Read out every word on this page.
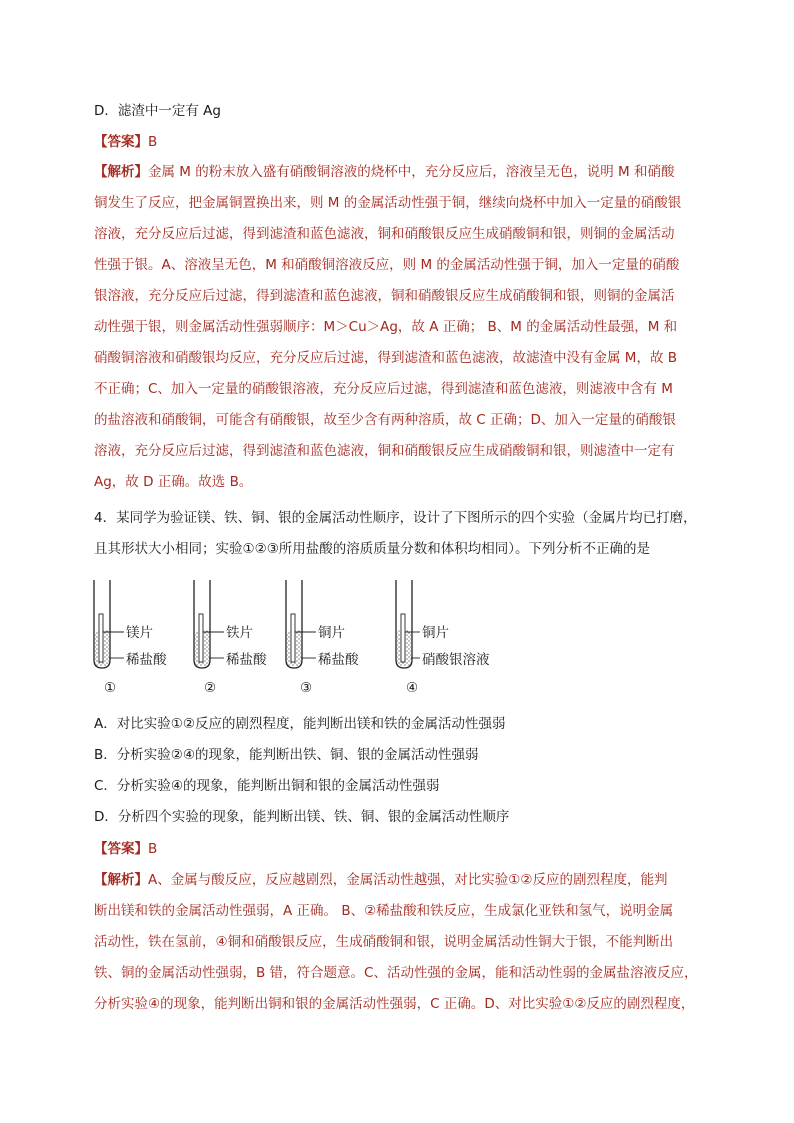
D．滤渣中一定有 Ag
【答案】B
【解析】金属 M 的粉末放入盛有硝酸铜溶液的烧杯中，充分反应后，溶液呈无色，说明 M 和硝酸
铜发生了反应，把金属铜置换出来，则 M 的金属活动性强于铜，继续向烧杯中加入一定量的硝酸银
溶液，充分反应后过滤，得到滤渣和蓝色滤液，铜和硝酸银反应生成硝酸铜和银，则铜的金属活动
性强于银。A、溶液呈无色，M 和硝酸铜溶液反应，则 M 的金属活动性强于铜，加入一定量的硝酸
银溶液，充分反应后过滤，得到滤渣和蓝色滤液，铜和硝酸银反应生成硝酸铜和银，则铜的金属活
动性强于银，则金属活动性强弱顺序：M＞Cu＞Ag，故 A 正确； B、M 的金属活动性最强，M 和
硝酸铜溶液和硝酸银均反应，充分反应后过滤，得到滤渣和蓝色滤液，故滤渣中没有金属 M，故 B
不正确；C、加入一定量的硝酸银溶液，充分反应后过滤，得到滤渣和蓝色滤液，则滤液中含有 M
的盐溶液和硝酸铜，可能含有硝酸银，故至少含有两种溶质，故 C 正确；D、加入一定量的硝酸银
溶液，充分反应后过滤，得到滤渣和蓝色滤液，铜和硝酸银反应生成硝酸铜和银，则滤渣中一定有
Ag，故 D 正确。故选 B。
4．某同学为验证镁、铁、铜、银的金属活动性顺序，设计了下图所示的四个实验（金属片均已打磨，
且其形状大小相同；实验①②③所用盐酸的溶质质量分数和体积均相同）。下列分析不正确的是
镁片
稀盐酸
①
铁片
稀盐酸
②
铜片
稀盐酸
③
铜片
硝酸银溶液
④
A．对比实验①②反应的剧烈程度，能判断出镁和铁的金属活动性强弱
B．分析实验②④的现象，能判断出铁、铜、银的金属活动性强弱
C．分析实验④的现象，能判断出铜和银的金属活动性强弱
D．分析四个实验的现象，能判断出镁、铁、铜、银的金属活动性顺序
【答案】B
【解析】A、金属与酸反应，反应越剧烈，金属活动性越强，对比实验①②反应的剧烈程度，能判
断出镁和铁的金属活动性强弱，A 正确。 B、②稀盐酸和铁反应，生成氯化亚铁和氢气，说明金属
活动性，铁在氢前，④铜和硝酸银反应，生成硝酸铜和银，说明金属活动性铜大于银，不能判断出
铁、铜的金属活动性强弱，B 错，符合题意。C、活动性强的金属，能和活动性弱的金属盐溶液反应，
分析实验④的现象，能判断出铜和银的金属活动性强弱，C 正确。D、对比实验①②反应的剧烈程度，
